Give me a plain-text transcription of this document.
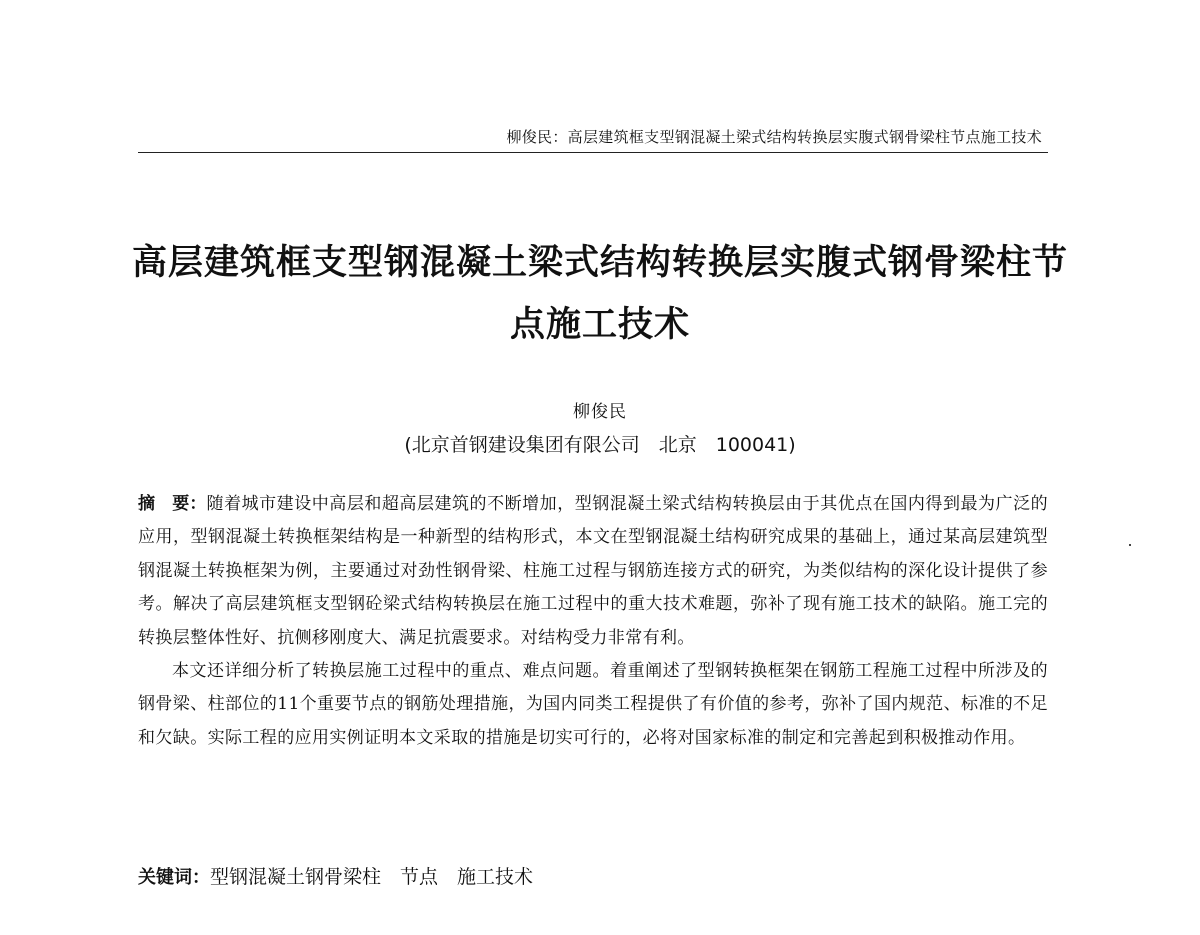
柳俊民：高层建筑框支型钢混凝土梁式结构转换层实腹式钢骨梁柱节点施工技术
高层建筑框支型钢混凝土梁式结构转换层实腹式钢骨梁柱节
点施工技术
柳俊民
(北京首钢建设集团有限公司　北京　100041)

摘　要：随着城市建设中高层和超高层建筑的不断增加，型钢混凝土梁式结构转换层由于其优点在国内得到最为广泛的应用，型钢混凝土转换框架结构是一种新型的结构形式，本文在型钢混凝土结构研究成果的基础上，通过某高层建筑型钢混凝土转换框架为例，主要通过对劲性钢骨梁、柱施工过程与钢筋连接方式的研究，为类似结构的深化设计提供了参考。解决了高层建筑框支型钢砼梁式结构转换层在施工过程中的重大技术难题，弥补了现有施工技术的缺陷。施工完的转换层整体性好、抗侧移刚度大、满足抗震要求。对结构受力非常有利。

本文还详细分析了转换层施工过程中的重点、难点问题。着重阐述了型钢转换框架在钢筋工程施工过程中所涉及的钢骨梁、柱部位的11个重要节点的钢筋处理措施，为国内同类工程提供了有价值的参考，弥补了国内规范、标准的不足和欠缺。实际工程的应用实例证明本文采取的措施是切实可行的，必将对国家标准的制定和完善起到积极推动作用。

关键词：型钢混凝土钢骨梁柱　节点　施工技术
